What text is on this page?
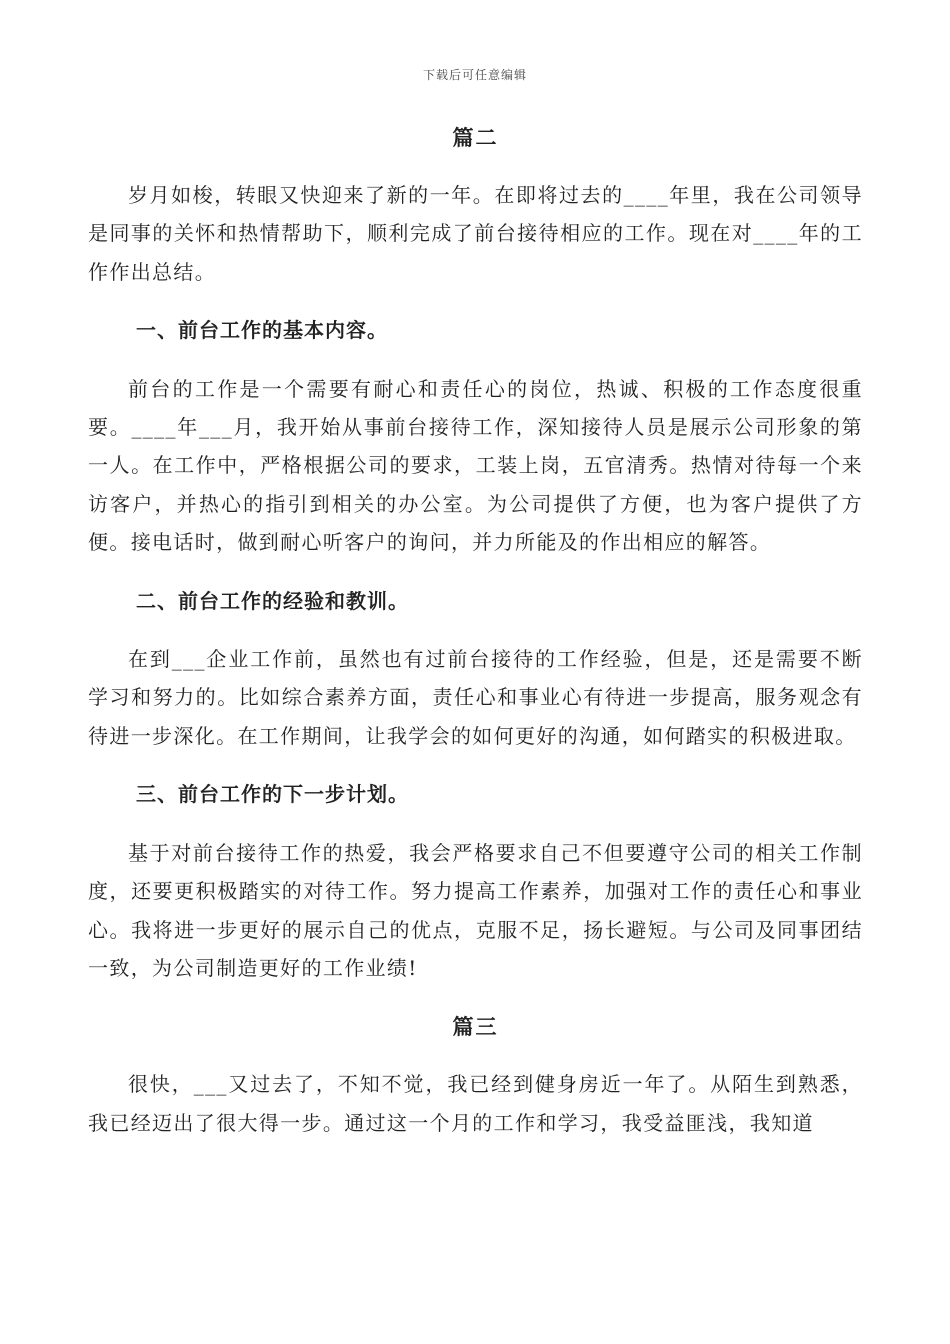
下载后可任意编辑
篇二

岁月如梭，转眼又快迎来了新的一年。在即将过去的____年里，我在公司领导是同事的关怀和热情帮助下，顺利完成了前台接待相应的工作。现在对____年的工作作出总结。

一、前台工作的基本内容。

前台的工作是一个需要有耐心和责任心的岗位，热诚、积极的工作态度很重要。____年___月，我开始从事前台接待工作，深知接待人员是展示公司形象的第一人。在工作中，严格根据公司的要求，工装上岗，五官清秀。热情对待每一个来访客户，并热心的指引到相关的办公室。为公司提供了方便，也为客户提供了方便。接电话时，做到耐心听客户的询问，并力所能及的作出相应的解答。

二、前台工作的经验和教训。

在到___企业工作前，虽然也有过前台接待的工作经验，但是，还是需要不断学习和努力的。比如综合素养方面，责任心和事业心有待进一步提高，服务观念有待进一步深化。在工作期间，让我学会的如何更好的沟通，如何踏实的积极进取。

三、前台工作的下一步计划。

基于对前台接待工作的热爱，我会严格要求自己不但要遵守公司的相关工作制度，还要更积极踏实的对待工作。努力提高工作素养，加强对工作的责任心和事业心。我将进一步更好的展示自己的优点，克服不足，扬长避短。与公司及同事团结一致，为公司制造更好的工作业绩!

篇三

很快，___又过去了，不知不觉，我已经到健身房近一年了。从陌生到熟悉，我已经迈出了很大得一步。通过这一个月的工作和学习，我受益匪浅，我知道
